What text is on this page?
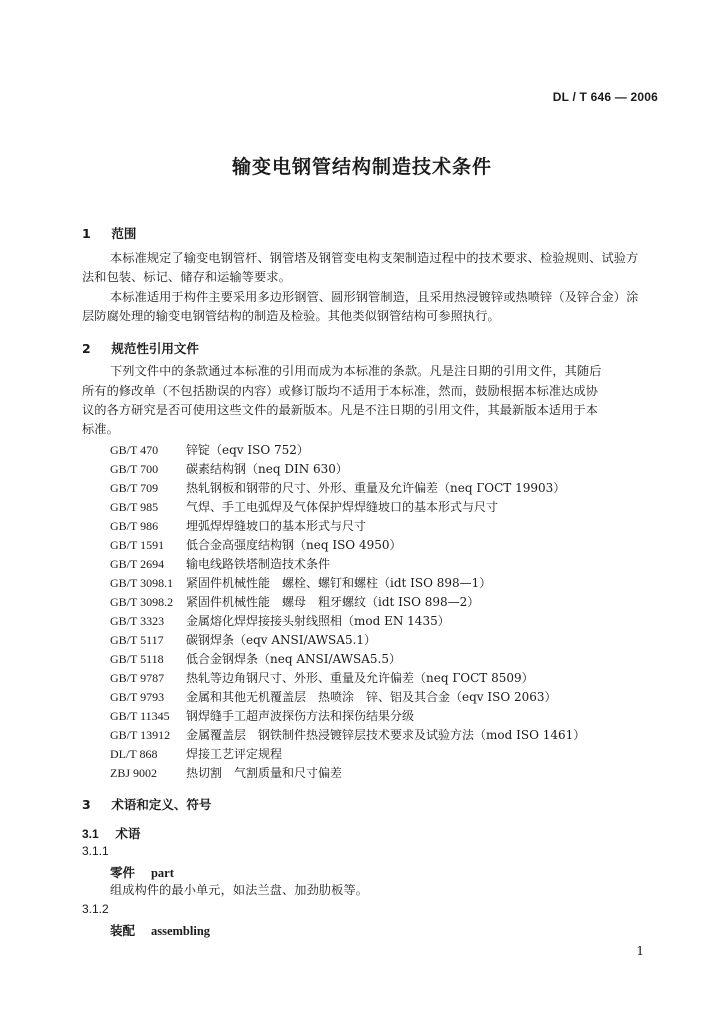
DL / T 646 — 2006
输变电钢管结构制造技术条件
1 范围
本标准规定了输变电钢管杆、钢管塔及钢管变电构支架制造过程中的技术要求、检验规则、试验方
法和包装、标记、储存和运输等要求。
本标准适用于构件主要采用多边形钢管、圆形钢管制造，且采用热浸镀锌或热喷锌（及锌合金）涂
层防腐处理的输变电钢管结构的制造及检验。其他类似钢管结构可参照执行。
2 规范性引用文件
下列文件中的条款通过本标准的引用而成为本标准的条款。凡是注日期的引用文件，其随后
所有的修改单（不包括勘误的内容）或修订版均不适用于本标准，然而，鼓励根据本标准达成协
议的各方研究是否可使用这些文件的最新版本。凡是不注日期的引用文件，其最新版本适用于本
标准。
GB/T 470 锌锭（eqv ISO 752）
GB/T 700 碳素结构钢（neq DIN 630）
GB/T 709 热轧钢板和钢带的尺寸、外形、重量及允许偏差（neq ГОСТ 19903）
GB/T 985 气焊、手工电弧焊及气体保护焊焊缝坡口的基本形式与尺寸
GB/T 986 埋弧焊焊缝坡口的基本形式与尺寸
GB/T 1591 低合金高强度结构钢（neq ISO 4950）
GB/T 2694 输电线路铁塔制造技术条件
GB/T 3098.1 紧固件机械性能　螺栓、螺钉和螺柱（idt ISO 898—1）
GB/T 3098.2 紧固件机械性能　螺母　粗牙螺纹（idt ISO 898—2）
GB/T 3323 金属熔化焊焊接接头射线照相（mod EN 1435）
GB/T 5117 碳钢焊条（eqv ANSI/AWSA5.1）
GB/T 5118 低合金钢焊条（neq ANSI/AWSA5.5）
GB/T 9787 热轧等边角钢尺寸、外形、重量及允许偏差（neq ГОСТ 8509）
GB/T 9793 金属和其他无机覆盖层　热喷涂　锌、铝及其合金（eqv ISO 2063）
GB/T 11345 钢焊缝手工超声波探伤方法和探伤结果分级
GB/T 13912 金属覆盖层　钢铁制件热浸镀锌层技术要求及试验方法（mod ISO 1461）
DL/T 868 焊接工艺评定规程
ZBJ 9002 热切割　气割质量和尺寸偏差
3 术语和定义、符号
3.1 术语
3.1.1
零件 part
组成构件的最小单元，如法兰盘、加劲肋板等。
3.1.2
装配 assembling
1
